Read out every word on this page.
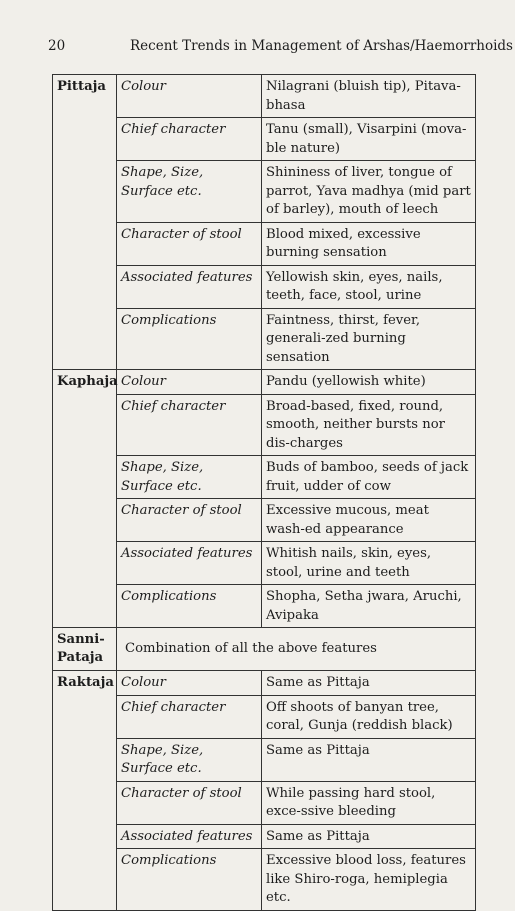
20	Recent Trends in Management of Arshas/Haemorrhoids
Pittaja	Colour	Nilagrani (bluish tip), Pitava-bhasa
	Chief character	Tanu (small), Visarpini (mova-ble nature)
	Shape, Size, Surface etc.	Shininess of liver, tongue of parrot, Yava madhya (mid part of barley), mouth of leech
	Character of stool	Blood mixed, excessive burning sensation
	Associated features	Yellowish skin, eyes, nails, teeth, face, stool, urine
	Complications	Faintness, thirst, fever, generali-zed burning sensation
Kaphaja	Colour	Pandu (yellowish white)
	Chief character	Broad-based, fixed, round, smooth, neither bursts nor dis-charges
	Shape, Size, Surface etc.	Buds of bamboo, seeds of jack fruit, udder of cow
	Character of stool	Excessive mucous, meat wash-ed appearance
	Associated features	Whitish nails, skin, eyes, stool, urine and teeth
	Complications	Shopha, Setha jwara, Aruchi, Avipaka

Sanni-
Pataja	Combination of all the above features	
Raktaja	Colour	Same as Pittaja
	Chief character	Off shoots of banyan tree, coral, Gunja (reddish black)
	Shape, Size, Surface etc.	Same as Pittaja
	Character of stool	While passing hard stool, exce-ssive bleeding
	Associated features	Same as Pittaja
	Complications	Excessive blood loss, features like Shiro-roga, hemiplegia etc.
